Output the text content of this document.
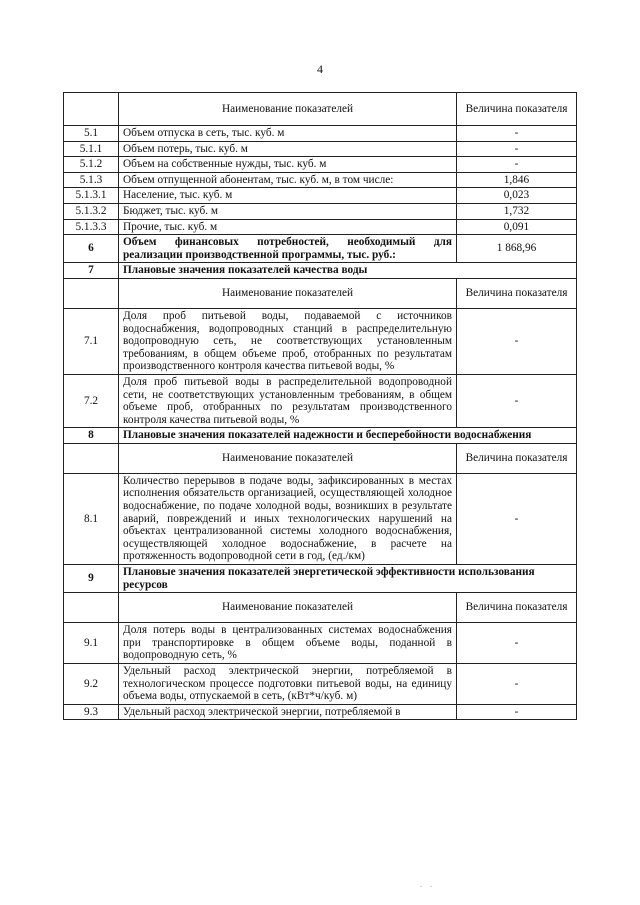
4
	Наименование показателей	Величина показателя
5.1	Объем отпуска в сеть, тыс. куб. м	-
5.1.1	Объем потерь, тыс. куб. м	-
5.1.2	Объем на собственные нужды, тыс. куб. м	-
5.1.3	Объем отпущенной абонентам, тыс. куб. м, в том числе:	1,846
5.1.3.1	Население, тыс. куб. м	0,023
5.1.3.2	Бюджет, тыс. куб. м	1,732
5.1.3.3	Прочие, тыс. куб. м	0,091
6	Объем финансовых потребностей, необходимый для реализации производственной программы, тыс. руб.:	1 868,96
7	Плановые значения показателей качества воды	
	Наименование показателей	Величина показателя
7.1	Доля проб питьевой воды, подаваемой с источников водоснабжения, водопроводных станций в распределительную водопроводную сеть, не соответствующих установленным требованиям, в общем объеме проб, отобранных по результатам производственного контроля качества питьевой воды, %	-
7.2	Доля проб питьевой воды в распределительной водопроводной сети, не соответствующих установленным требованиям, в общем объеме проб, отобранных по результатам производственного контроля качества питьевой воды, %	-
8	Плановые значения показателей надежности и бесперебойности водоснабжения	
	Наименование показателей	Величина показателя
8.1	Количество перерывов в подаче воды, зафиксированных в местах исполнения обязательств организацией, осуществляющей холодное водоснабжение, по подаче холодной воды, возникших в результате аварий, повреждений и иных технологических нарушений на объектах централизованной системы холодного водоснабжения, осуществляющей холодное водоснабжение, в расчете на протяженность водопроводной сети в год, (ед./км)	-
9	Плановые значения показателей энергетической эффективности использования ресурсов	
	Наименование показателей	Величина показателя
9.1	Доля потерь воды в централизованных системах водоснабжения при транспортировке в общем объеме воды, поданной в водопроводную сеть, %	-
9.2	Удельный расход электрической энергии, потребляемой в технологическом процессе подготовки питьевой воды, на единицу объема воды, отпускаемой в сеть, (кВт*ч/куб. м)	-
9.3	Удельный расход электрической энергии, потребляемой в	-
. .
